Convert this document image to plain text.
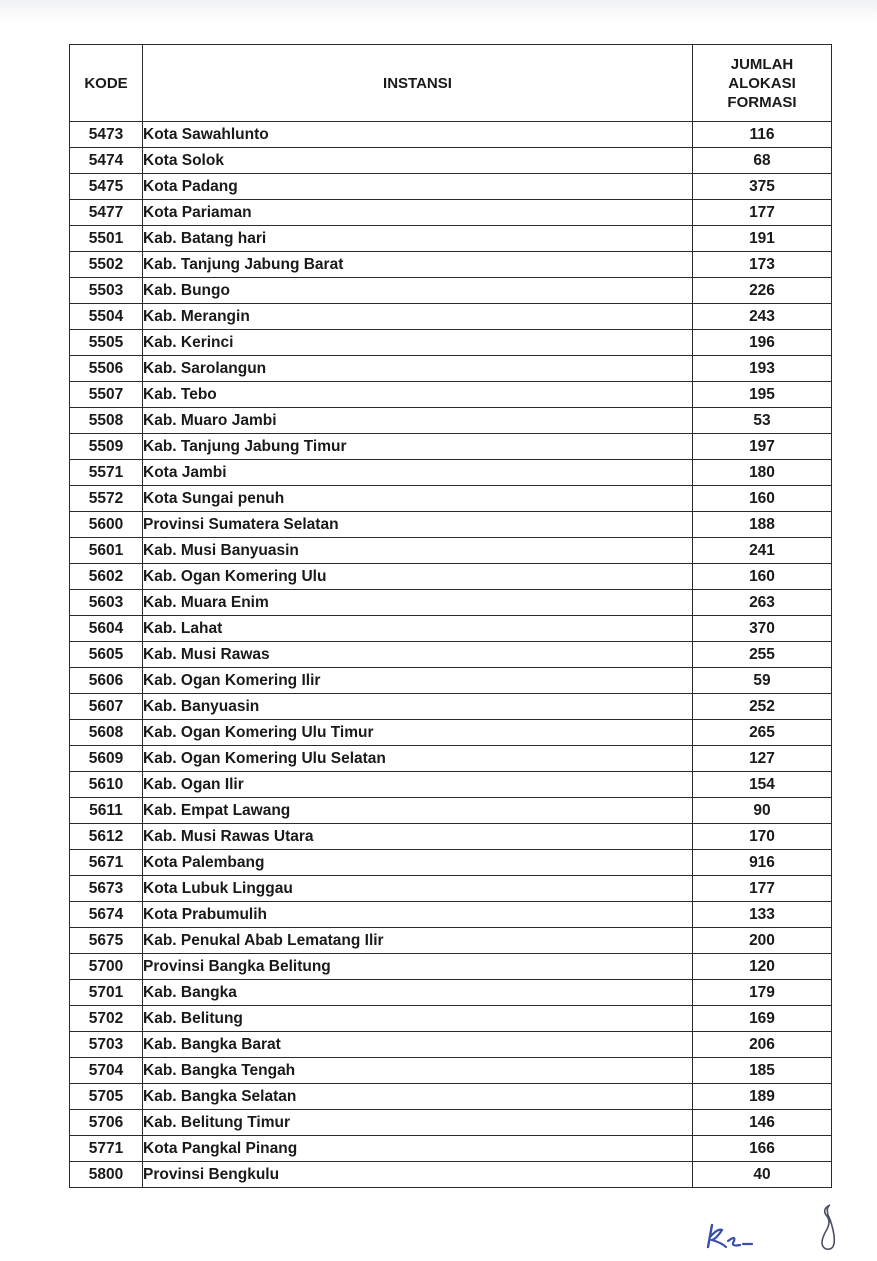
KODE	INSTANSI	JUMLAH
ALOKASI
FORMASI

5473	Kota Sawahlunto	116
5474	Kota Solok	68
5475	Kota Padang	375
5477	Kota Pariaman	177
5501	Kab. Batang hari	191
5502	Kab. Tanjung Jabung Barat	173
5503	Kab. Bungo	226
5504	Kab. Merangin	243
5505	Kab. Kerinci	196
5506	Kab. Sarolangun	193
5507	Kab. Tebo	195
5508	Kab. Muaro Jambi	53
5509	Kab. Tanjung Jabung Timur	197
5571	Kota Jambi	180
5572	Kota Sungai penuh	160
5600	Provinsi Sumatera Selatan	188
5601	Kab. Musi Banyuasin	241
5602	Kab. Ogan Komering Ulu	160
5603	Kab. Muara Enim	263
5604	Kab. Lahat	370
5605	Kab. Musi Rawas	255
5606	Kab. Ogan Komering Ilir	59
5607	Kab. Banyuasin	252
5608	Kab. Ogan Komering Ulu Timur	265
5609	Kab. Ogan Komering Ulu Selatan	127
5610	Kab. Ogan Ilir	154
5611	Kab. Empat Lawang	90
5612	Kab. Musi Rawas Utara	170
5671	Kota Palembang	916
5673	Kota Lubuk Linggau	177
5674	Kota Prabumulih	133
5675	Kab. Penukal Abab Lematang Ilir	200
5700	Provinsi Bangka Belitung	120
5701	Kab. Bangka	179
5702	Kab. Belitung	169
5703	Kab. Bangka Barat	206
5704	Kab. Bangka Tengah	185
5705	Kab. Bangka Selatan	189
5706	Kab. Belitung Timur	146
5771	Kota Pangkal Pinang	166
5800	Provinsi Bengkulu	40
